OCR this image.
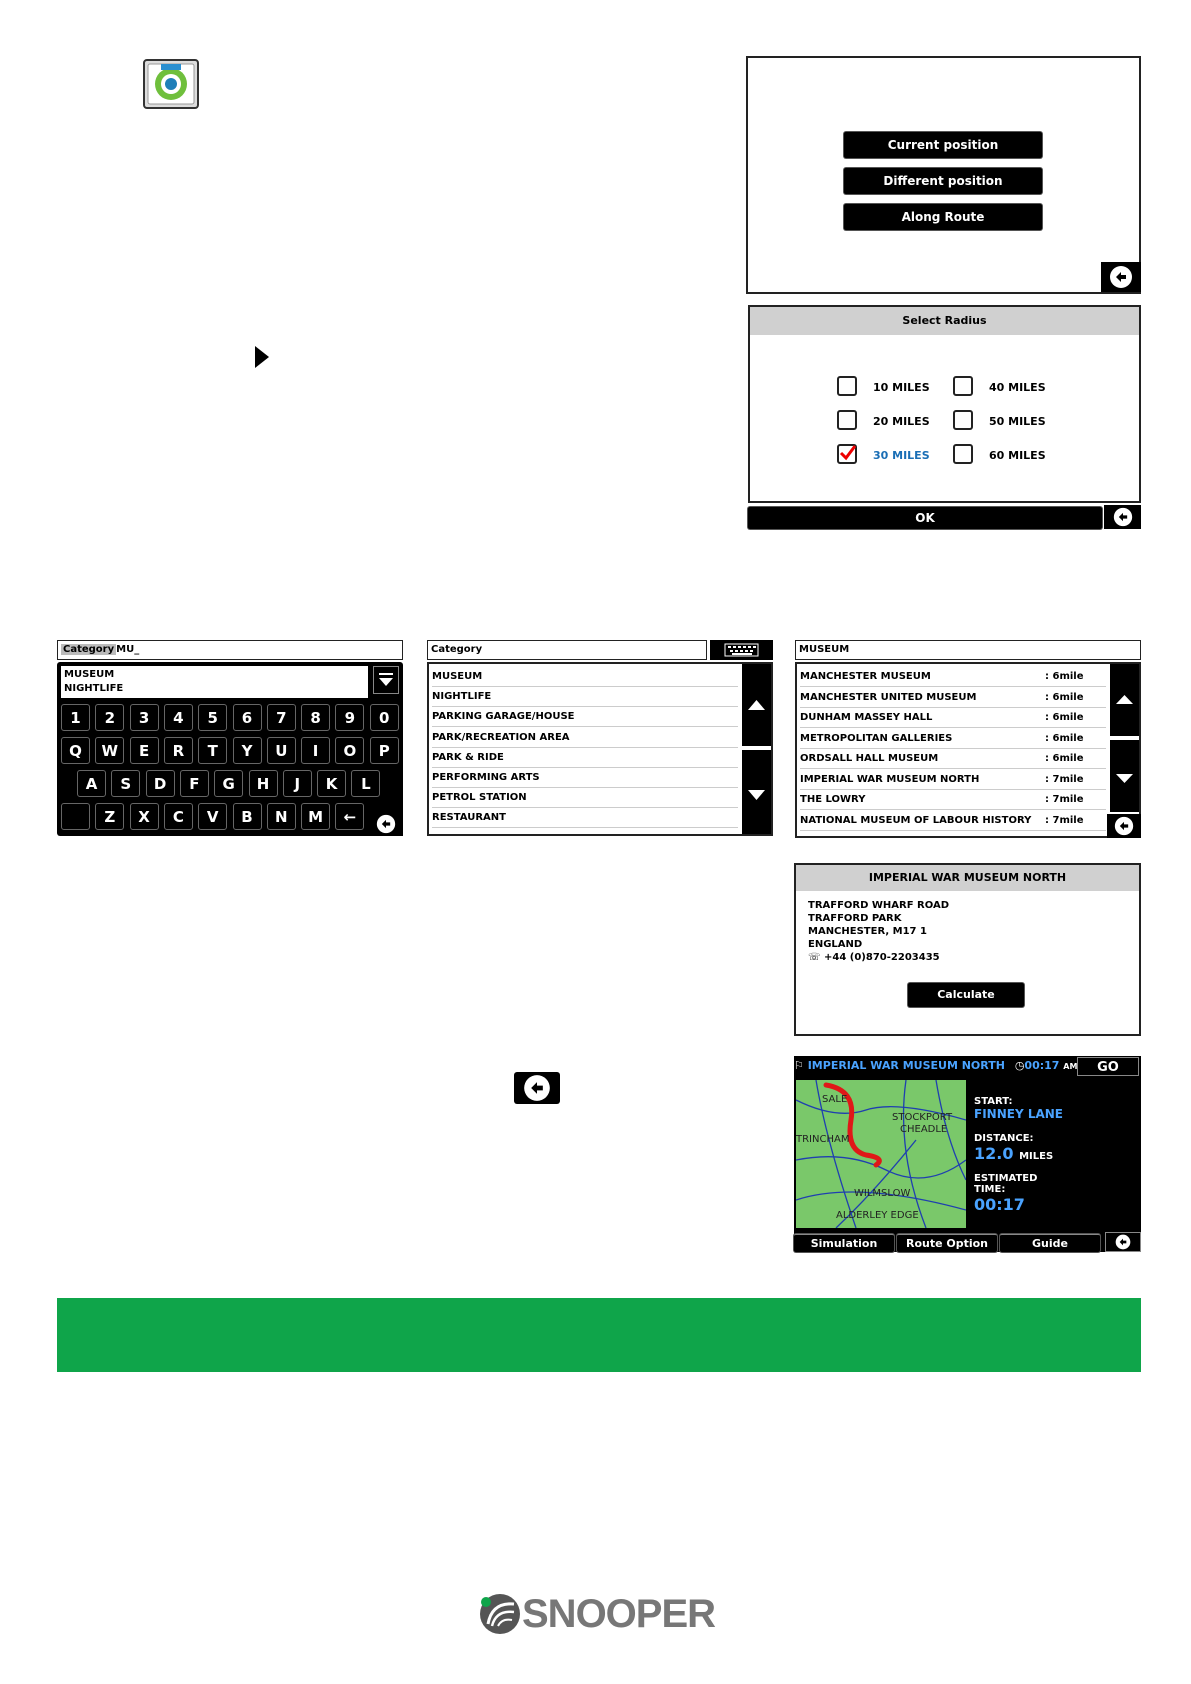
Current position
Different position
Along Route
Select Radius
10 MILES
20 MILES
30 MILES
40 MILES
50 MILES
60 MILES
OK
Category MU_
MUSEUM
NIGHTLIFE
1	2	3	4	5	6	7	8	9	0
Q	W	E	R	T	Y	U	I	O	P
A	S	D	F	G	H	J	K	L
Z	X	C	V	B	N	M	←
Category
MUSEUM
NIGHTLIFE
PARKING GARAGE/HOUSE
PARK/RECREATION AREA
PARK & RIDE
PERFORMING ARTS
PETROL STATION
RESTAURANT
MUSEUM
MANCHESTER MUSEUM	: 6mile
MANCHESTER UNITED MUSEUM	: 6mile
DUNHAM MASSEY HALL	: 6mile
METROPOLITAN GALLERIES	: 6mile
ORDSALL HALL MUSEUM	: 6mile
IMPERIAL WAR MUSEUM NORTH	: 7mile
THE LOWRY	: 7mile
NATIONAL MUSEUM OF LABOUR HISTORY : 7mile
IMPERIAL WAR MUSEUM NORTH
TRAFFORD WHARF ROAD
TRAFFORD PARK
MANCHESTER, M17 1
ENGLAND
☏ +44 (0)870-2203435
Calculate
⚐ IMPERIAL WAR MUSEUM NORTH ◷00:17 AM	GO
SALE
STOCKPORT
CHEADLE
TRINCHAM
WILMSLOW
ALDERLEY EDGE
START:
FINNEY LANE
DISTANCE:
12.0 MILES
ESTIMATED TIME:
00:17
Simulation	Route Option	Guide
SNOOPER
